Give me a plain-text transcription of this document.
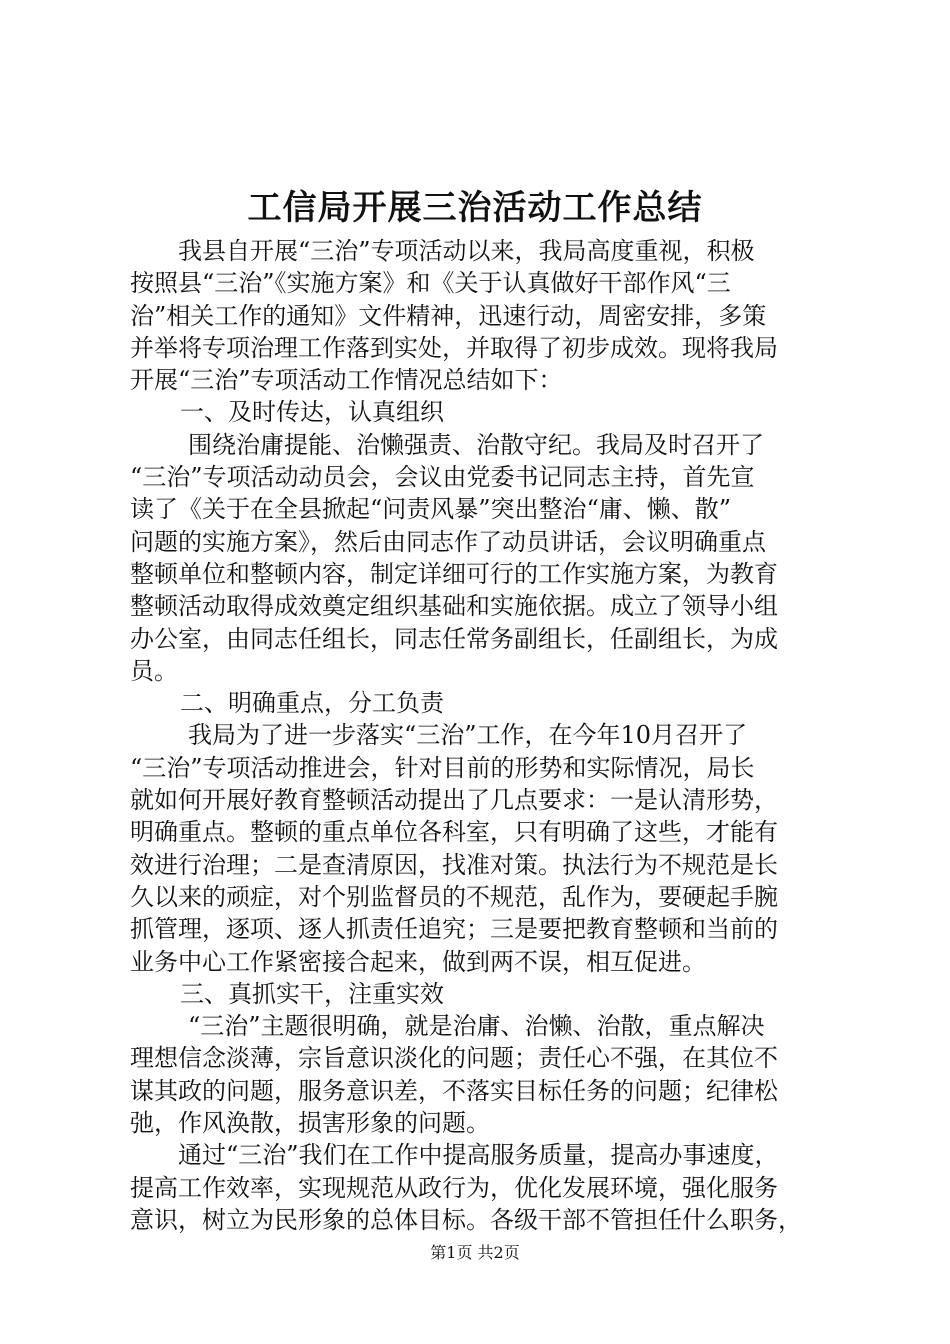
工信局开展三治活动工作总结
我县自开展“三治”专项活动以来，我局高度重视，积极
按照县“三治”《实施方案》和《关于认真做好干部作风“三
治”相关工作的通知》文件精神，迅速行动，周密安排，多策
并举将专项治理工作落到实处，并取得了初步成效。现将我局
开展“三治”专项活动工作情况总结如下：
一、及时传达，认真组织
围绕治庸提能、治懒强责、治散守纪。我局及时召开了
“三治”专项活动动员会，会议由党委书记同志主持，首先宣
读了《关于在全县掀起“问责风暴”突出整治“庸、懒、散”
问题的实施方案》，然后由同志作了动员讲话，会议明确重点
整顿单位和整顿内容，制定详细可行的工作实施方案，为教育
整顿活动取得成效奠定组织基础和实施依据。成立了领导小组
办公室，由同志任组长，同志任常务副组长，任副组长，为成
员。
二、明确重点，分工负责
我局为了进一步落实“三治”工作，在今年10月召开了
“三治”专项活动推进会，针对目前的形势和实际情况，局长
就如何开展好教育整顿活动提出了几点要求：一是认清形势，
明确重点。整顿的重点单位各科室，只有明确了这些，才能有
效进行治理；二是查清原因，找准对策。执法行为不规范是长
久以来的顽症，对个别监督员的不规范，乱作为，要硬起手腕
抓管理，逐项、逐人抓责任追究；三是要把教育整顿和当前的
业务中心工作紧密接合起来，做到两不误，相互促进。
三、真抓实干，注重实效
“三治”主题很明确，就是治庸、治懒、治散，重点解决
理想信念淡薄，宗旨意识淡化的问题；责任心不强，在其位不
谋其政的问题，服务意识差，不落实目标任务的问题；纪律松
弛，作风涣散，损害形象的问题。
通过“三治”我们在工作中提高服务质量，提高办事速度，
提高工作效率，实现规范从政行为，优化发展环境，强化服务
意识，树立为民形象的总体目标。各级干部不管担任什么职务，
第1页 共2页
